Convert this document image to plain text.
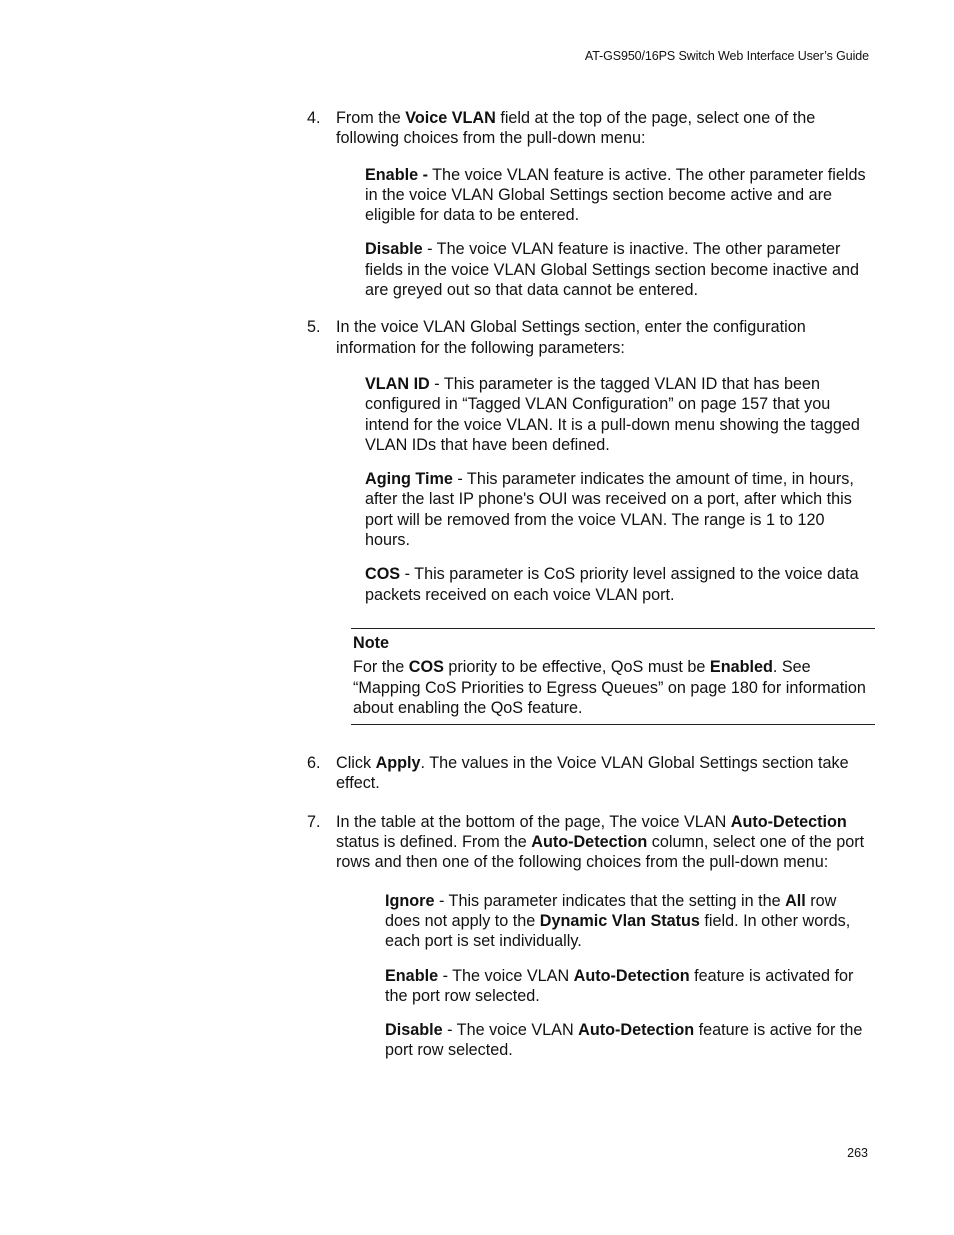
AT-GS950/16PS Switch Web Interface User’s Guide
4. From the Voice VLAN field at the top of the page, select one of the following choices from the pull-down menu:

Enable - The voice VLAN feature is active. The other parameter fields in the voice VLAN Global Settings section become active and are eligible for data to be entered.

Disable - The voice VLAN feature is inactive. The other parameter fields in the voice VLAN Global Settings section become inactive and are greyed out so that data cannot be entered.

5. In the voice VLAN Global Settings section, enter the configuration information for the following parameters:

VLAN ID - This parameter is the tagged VLAN ID that has been configured in “Tagged VLAN Configuration” on page 157 that you intend for the voice VLAN. It is a pull-down menu showing the tagged VLAN IDs that have been defined.

Aging Time - This parameter indicates the amount of time, in hours, after the last IP phone's OUI was received on a port, after which this port will be removed from the voice VLAN. The range is 1 to 120 hours.

COS - This parameter is CoS priority level assigned to the voice data packets received on each voice VLAN port.

Note

For the COS priority to be effective, QoS must be Enabled. See “Mapping CoS Priorities to Egress Queues” on page 180 for information about enabling the QoS feature.

6. Click Apply. The values in the Voice VLAN Global Settings section take effect.

7. In the table at the bottom of the page, The voice VLAN Auto-Detection status is defined. From the Auto-Detection column, select one of the port rows and then one of the following choices from the pull-down menu:

Ignore - This parameter indicates that the setting in the All row does not apply to the Dynamic Vlan Status field. In other words, each port is set individually.

Enable - The voice VLAN Auto-Detection feature is activated for the port row selected.

Disable - The voice VLAN Auto-Detection feature is active for the port row selected.

263
